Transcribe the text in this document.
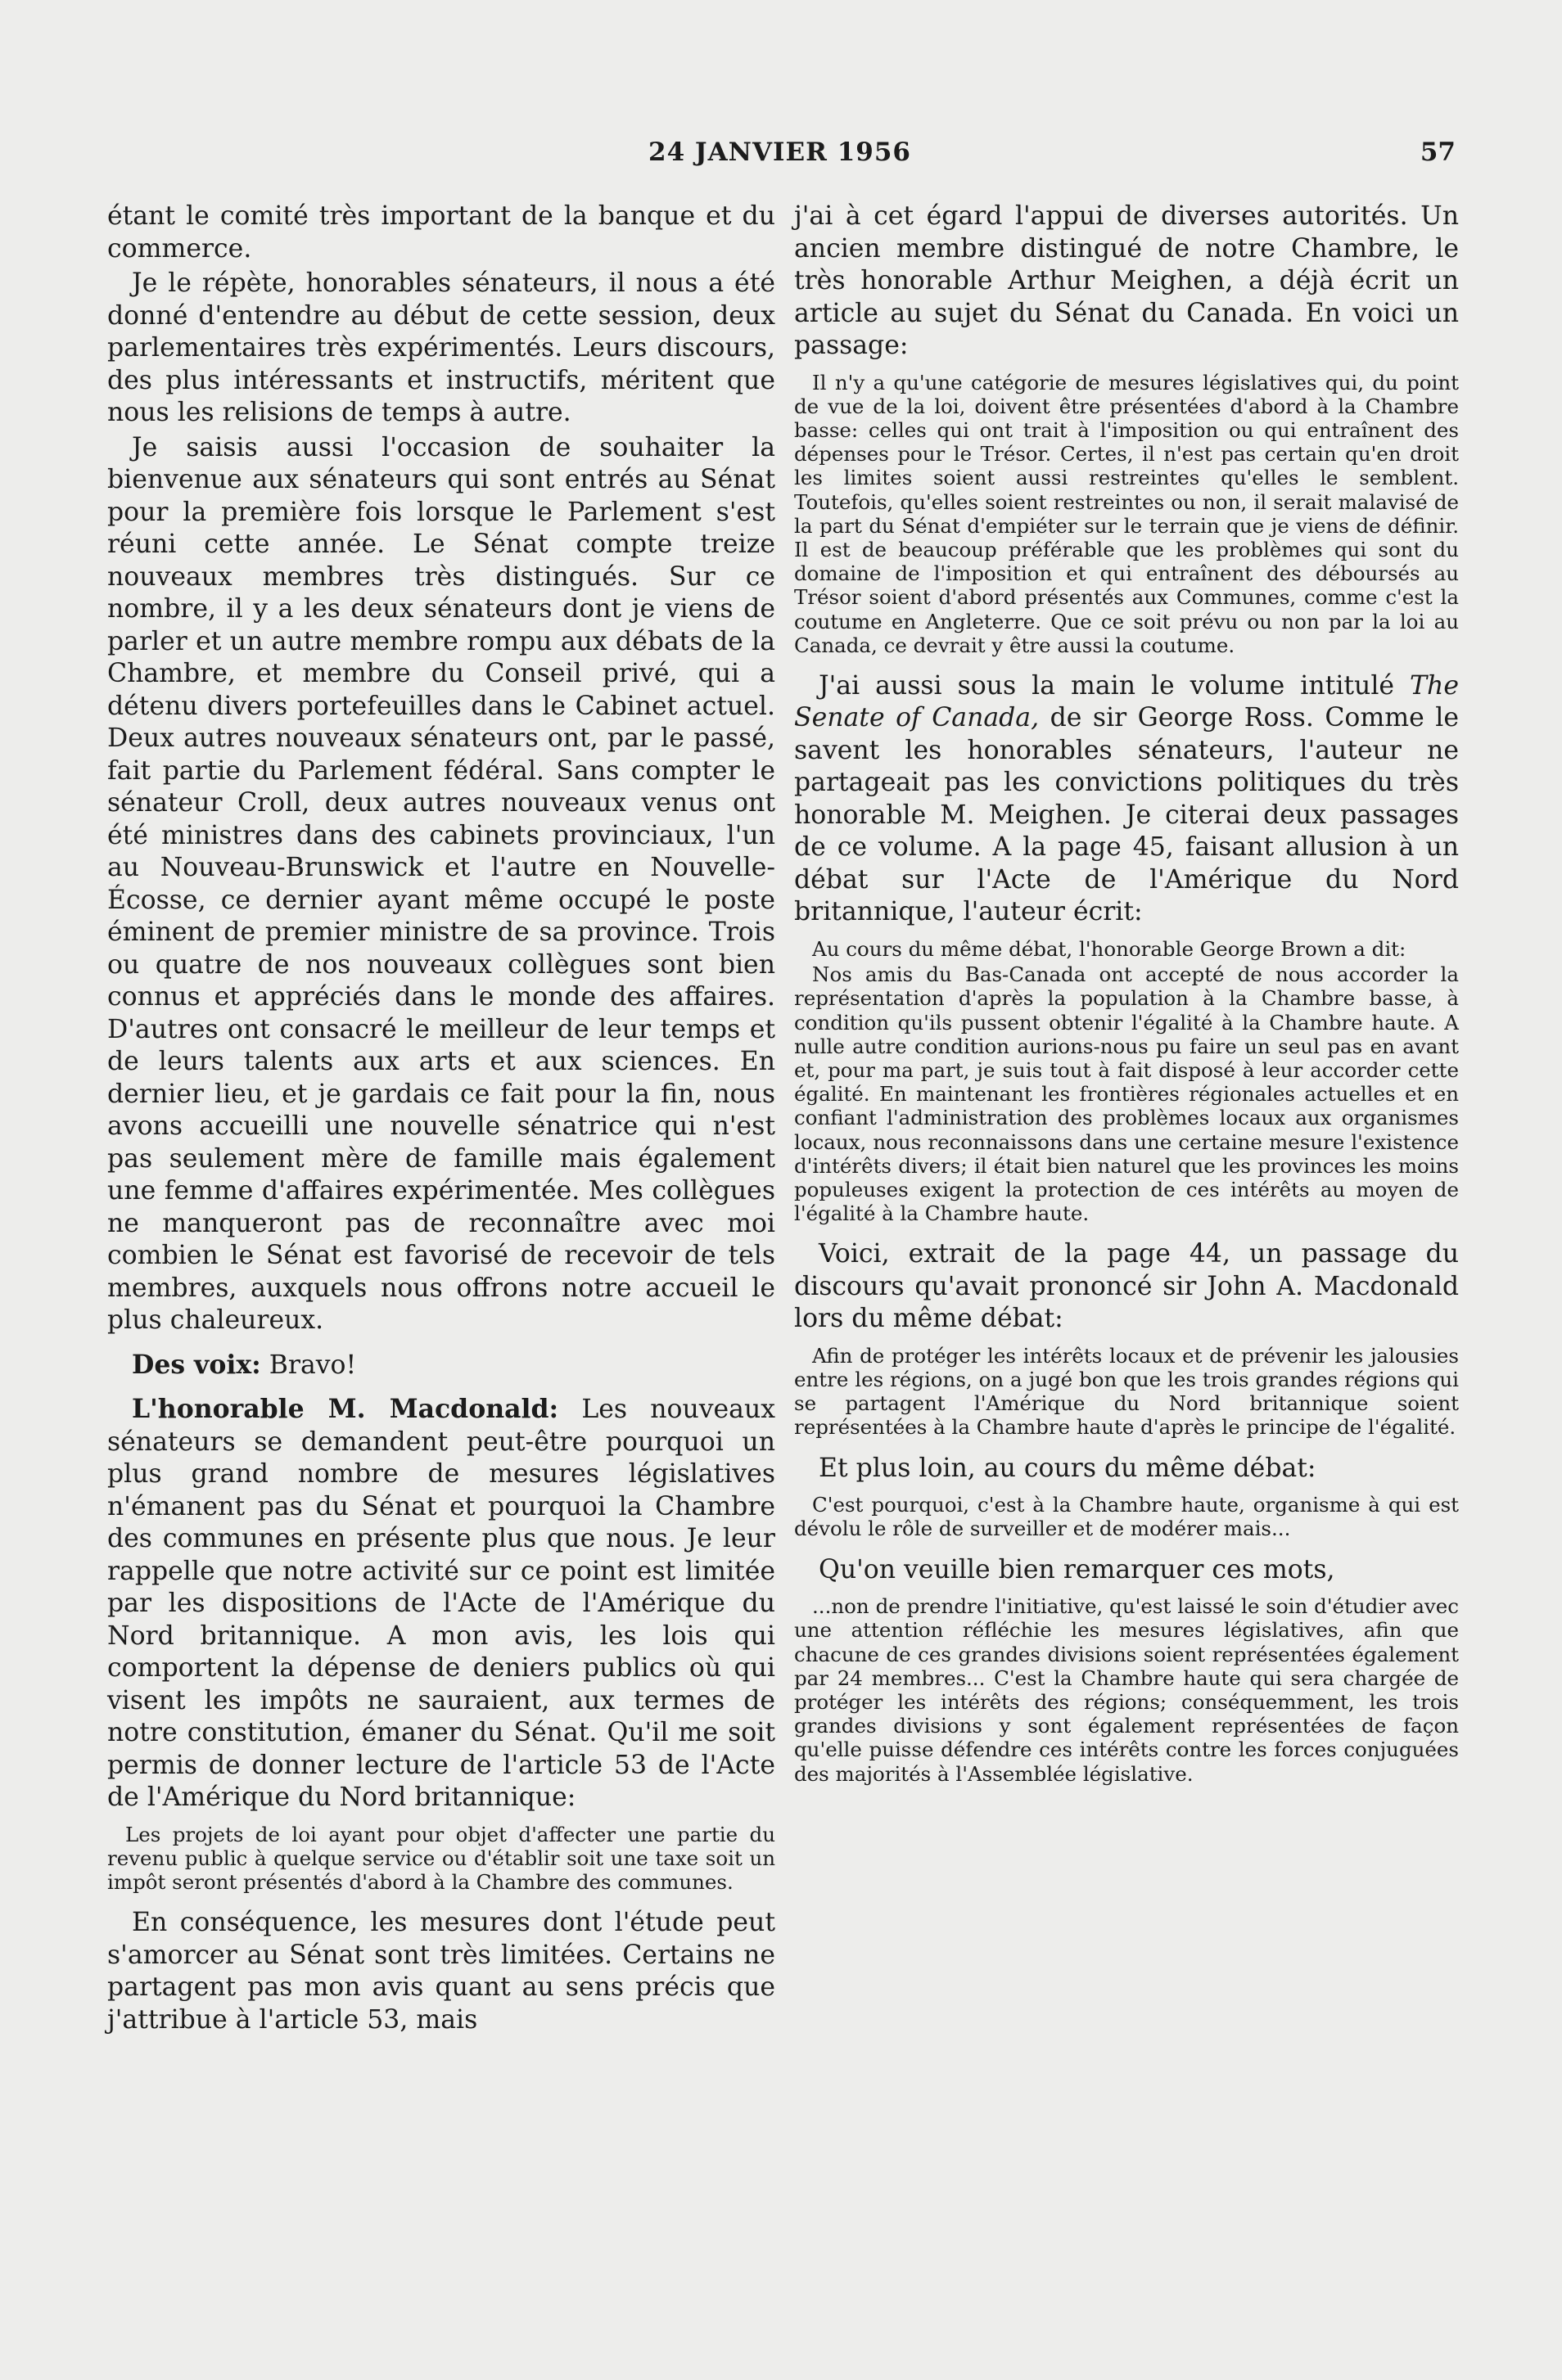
24 JANVIER 1956	57

étant le comité très important de la banque et du commerce.

Je le répète, honorables sénateurs, il nous a été donné d'entendre au début de cette session, deux parlementaires très expérimentés. Leurs discours, des plus intéressants et instructifs, méritent que nous les relisions de temps à autre.

Je saisis aussi l'occasion de souhaiter la bienvenue aux sénateurs qui sont entrés au Sénat pour la première fois lorsque le Parlement s'est réuni cette année. Le Sénat compte treize nouveaux membres très distingués. Sur ce nombre, il y a les deux sénateurs dont je viens de parler et un autre membre rompu aux débats de la Chambre, et membre du Conseil privé, qui a détenu divers portefeuilles dans le Cabinet actuel. Deux autres nouveaux sénateurs ont, par le passé, fait partie du Parlement fédéral. Sans compter le sénateur Croll, deux autres nouveaux venus ont été ministres dans des cabinets provinciaux, l'un au Nouveau-Brunswick et l'autre en Nouvelle-Écosse, ce dernier ayant même occupé le poste éminent de premier ministre de sa province. Trois ou quatre de nos nouveaux collègues sont bien connus et appréciés dans le monde des affaires. D'autres ont consacré le meilleur de leur temps et de leurs talents aux arts et aux sciences. En dernier lieu, et je gardais ce fait pour la fin, nous avons accueilli une nouvelle sénatrice qui n'est pas seulement mère de famille mais également une femme d'affaires expérimentée. Mes collègues ne manqueront pas de reconnaître avec moi combien le Sénat est favorisé de recevoir de tels membres, auxquels nous offrons notre accueil le plus chaleureux.

Des voix: Bravo!

L'honorable M. Macdonald: Les nouveaux sénateurs se demandent peut-être pourquoi un plus grand nombre de mesures législatives n'émanent pas du Sénat et pourquoi la Chambre des communes en présente plus que nous. Je leur rappelle que notre activité sur ce point est limitée par les dispositions de l'Acte de l'Amérique du Nord britannique. A mon avis, les lois qui comportent la dépense de deniers publics où qui visent les impôts ne sauraient, aux termes de notre constitution, émaner du Sénat. Qu'il me soit permis de donner lecture de l'article 53 de l'Acte de l'Amérique du Nord britannique:

Les projets de loi ayant pour objet d'affecter une partie du revenu public à quelque service ou d'établir soit une taxe soit un impôt seront présentés d'abord à la Chambre des communes.

En conséquence, les mesures dont l'étude peut s'amorcer au Sénat sont très limitées. Certains ne partagent pas mon avis quant au sens précis que j'attribue à l'article 53, mais

j'ai à cet égard l'appui de diverses autorités. Un ancien membre distingué de notre Chambre, le très honorable Arthur Meighen, a déjà écrit un article au sujet du Sénat du Canada. En voici un passage:

Il n'y a qu'une catégorie de mesures législatives qui, du point de vue de la loi, doivent être présentées d'abord à la Chambre basse: celles qui ont trait à l'imposition ou qui entraînent des dépenses pour le Trésor. Certes, il n'est pas certain qu'en droit les limites soient aussi restreintes qu'elles le semblent. Toutefois, qu'elles soient restreintes ou non, il serait malavisé de la part du Sénat d'empiéter sur le terrain que je viens de définir. Il est de beaucoup préférable que les problèmes qui sont du domaine de l'imposition et qui entraînent des déboursés au Trésor soient d'abord présentés aux Communes, comme c'est la coutume en Angleterre. Que ce soit prévu ou non par la loi au Canada, ce devrait y être aussi la coutume.

J'ai aussi sous la main le volume intitulé The Senate of Canada, de sir George Ross. Comme le savent les honorables sénateurs, l'auteur ne partageait pas les convictions politiques du très honorable M. Meighen. Je citerai deux passages de ce volume. A la page 45, faisant allusion à un débat sur l'Acte de l'Amérique du Nord britannique, l'auteur écrit:

Au cours du même débat, l'honorable George Brown a dit:

Nos amis du Bas-Canada ont accepté de nous accorder la représentation d'après la population à la Chambre basse, à condition qu'ils pussent obtenir l'égalité à la Chambre haute. A nulle autre condition aurions-nous pu faire un seul pas en avant et, pour ma part, je suis tout à fait disposé à leur accorder cette égalité. En maintenant les frontières régionales actuelles et en confiant l'administration des problèmes locaux aux organismes locaux, nous reconnaissons dans une certaine mesure l'existence d'intérêts divers; il était bien naturel que les provinces les moins populeuses exigent la protection de ces intérêts au moyen de l'égalité à la Chambre haute.

Voici, extrait de la page 44, un passage du discours qu'avait prononcé sir John A. Macdonald lors du même débat:

Afin de protéger les intérêts locaux et de prévenir les jalousies entre les régions, on a jugé bon que les trois grandes régions qui se partagent l'Amérique du Nord britannique soient représentées à la Chambre haute d'après le principe de l'égalité.

Et plus loin, au cours du même débat:

C'est pourquoi, c'est à la Chambre haute, organisme à qui est dévolu le rôle de surveiller et de modérer mais...

Qu'on veuille bien remarquer ces mots,

...non de prendre l'initiative, qu'est laissé le soin d'étudier avec une attention réfléchie les mesures législatives, afin que chacune de ces grandes divisions soient représentées également par 24 membres... C'est la Chambre haute qui sera chargée de protéger les intérêts des régions; conséquemment, les trois grandes divisions y sont également représentées de façon qu'elle puisse défendre ces intérêts contre les forces conjuguées des majorités à l'Assemblée législative.
